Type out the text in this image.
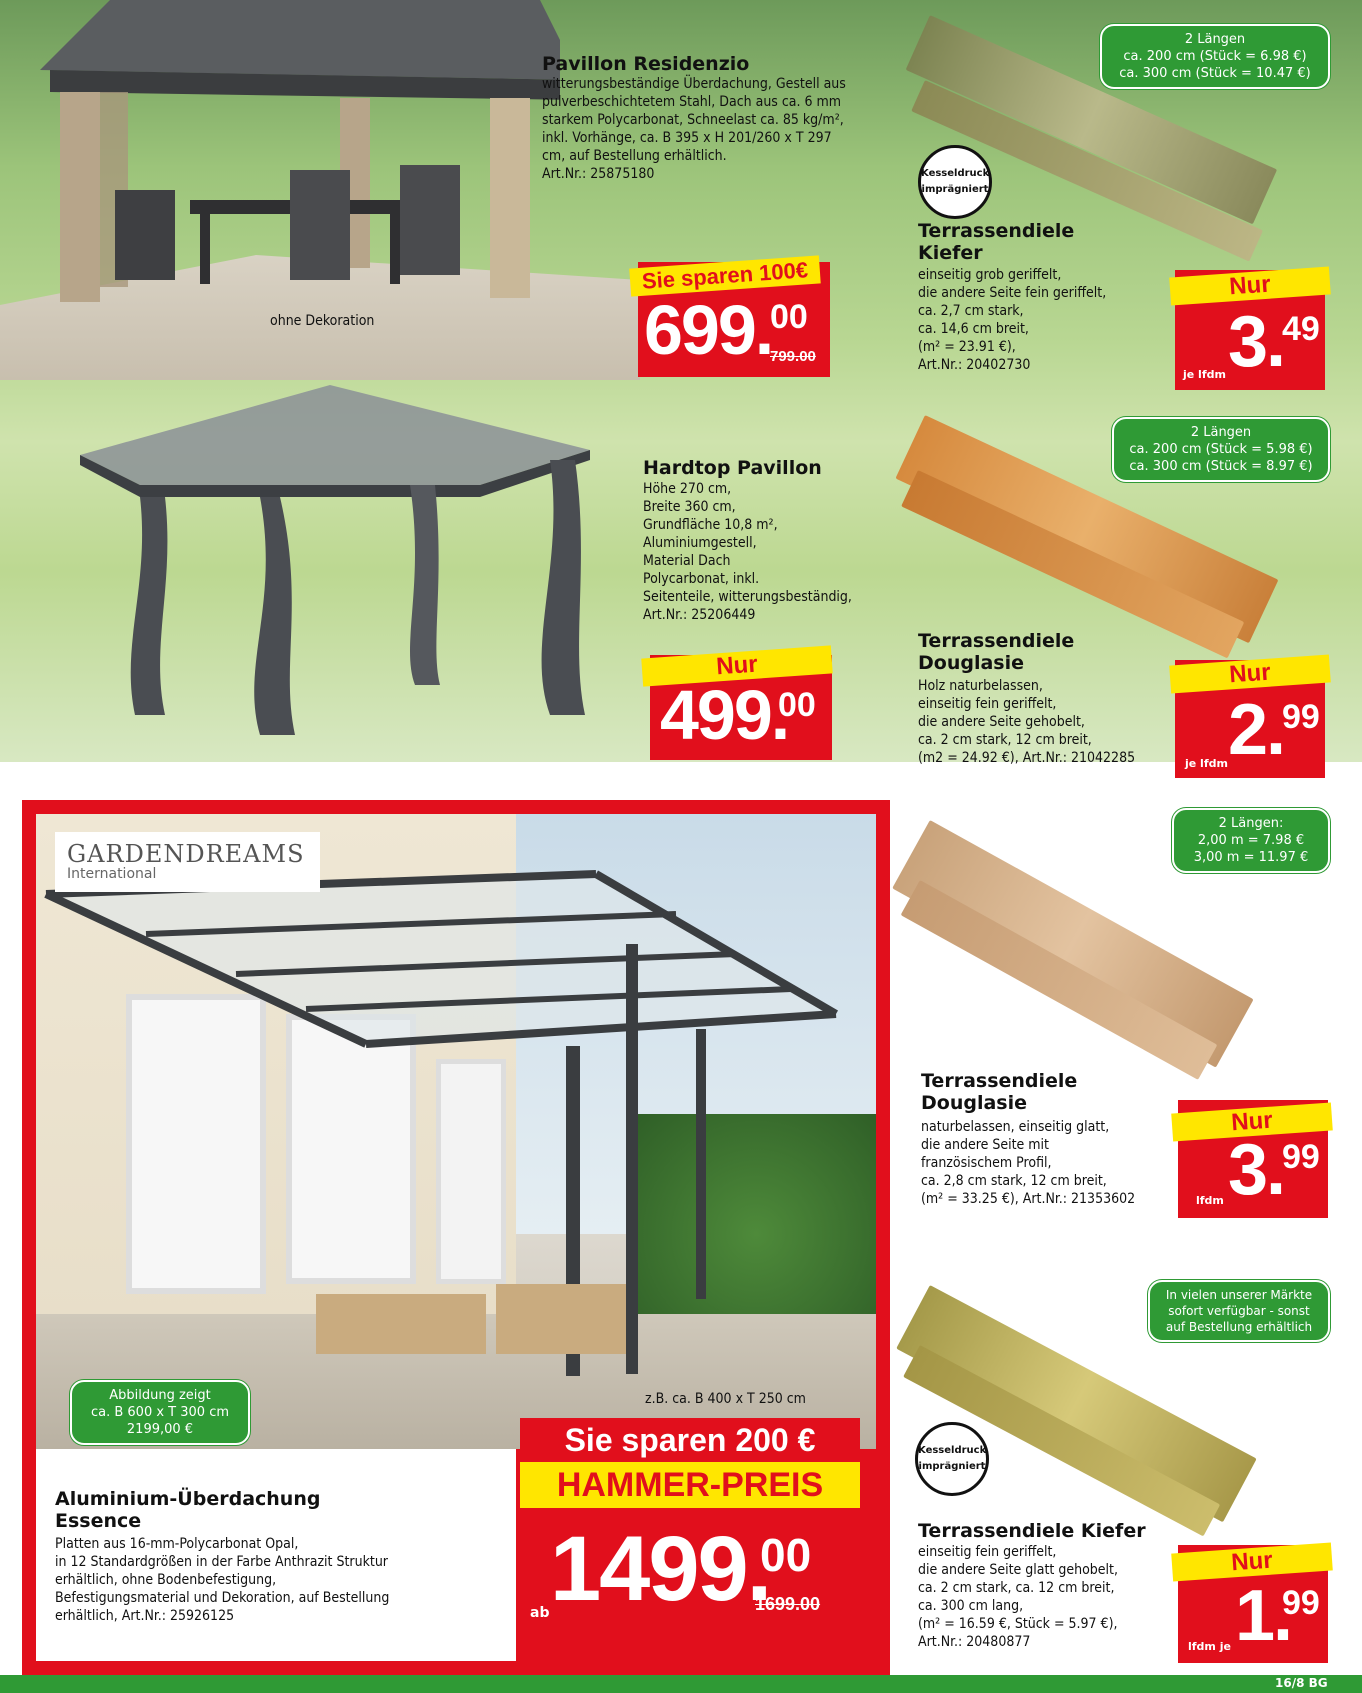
ohne Dekoration
Pavillon Residenzio
witterungsbeständige Überdachung, Gestell aus
pulverbeschichtetem Stahl, Dach aus ca. 6 mm
starkem Polycarbonat, Schneelast ca. 85 kg/m²,
inkl. Vorhänge, ca. B 395 x H 201/260 x T 297
cm, auf Bestellung erhältlich.
Art.Nr.: 25875180
Sie sparen 100€
699.
00
799.00
Hardtop Pavillon
Höhe 270 cm,
Breite 360 cm,
Grundfläche 10,8 m²,
Aluminiumgestell,
Material Dach
Polycarbonat, inkl.
Seitenteile, witterungsbeständig,
Art.Nr.: 25206449
Nur
499.
00
2 Längen
ca. 200 cm (Stück = 6.98 €)
ca. 300 cm (Stück = 10.47 €)
Kesseldruck
imprägniert
Terrassendiele
Kiefer
einseitig grob geriffelt,
die andere Seite fein geriffelt,
ca. 2,7 cm stark,
ca. 14,6 cm breit,
(m² = 23.91 €),
Art.Nr.: 20402730
Nur
je lfdm 3.
49
2 Längen
ca. 200 cm (Stück = 5.98 €)
ca. 300 cm (Stück = 8.97 €)
Terrassendiele
Douglasie
Holz naturbelassen,
einseitig fein geriffelt,
die andere Seite gehobelt,
ca. 2 cm stark, 12 cm breit,
(m2 = 24.92 €), Art.Nr.: 21042285
Nur
je lfdm 2.
99
2 Längen:
2,00 m = 7.98 €
3,00 m = 11.97 €
Terrassendiele
Douglasie
naturbelassen, einseitig glatt,
die andere Seite mit
französischem Profil,
ca. 2,8 cm stark, 12 cm breit,
(m² = 33.25 €), Art.Nr.: 21353602
Nur
lfdm 3.
99
In vielen unserer Märkte
sofort verfügbar - sonst
auf Bestellung erhältlich
Kesseldruck
imprägniert
Terrassendiele Kiefer
einseitig fein geriffelt,
die andere Seite glatt gehobelt,
ca. 2 cm stark, ca. 12 cm breit,
ca. 300 cm lang,
(m² = 16.59 €, Stück = 5.97 €),
Art.Nr.: 20480877
Nur
lfdm je 1.
99
GARDENDREAMS
International
Abbildung zeigt
ca. B 600 x T 300 cm
2199,00 €
z.B. ca. B 400 x T 250 cm
Aluminium-Überdachung
Essence
Platten aus 16-mm-Polycarbonat Opal,
in 12 Standardgrößen in der Farbe Anthrazit Struktur
erhältlich, ohne Bodenbefestigung,
Befestigungsmaterial und Dekoration, auf Bestellung
erhältlich, Art.Nr.: 25926125
Sie sparen 200 €
HAMMER-PREIS
ab 1499.
00
1699.00
16/8 BG
